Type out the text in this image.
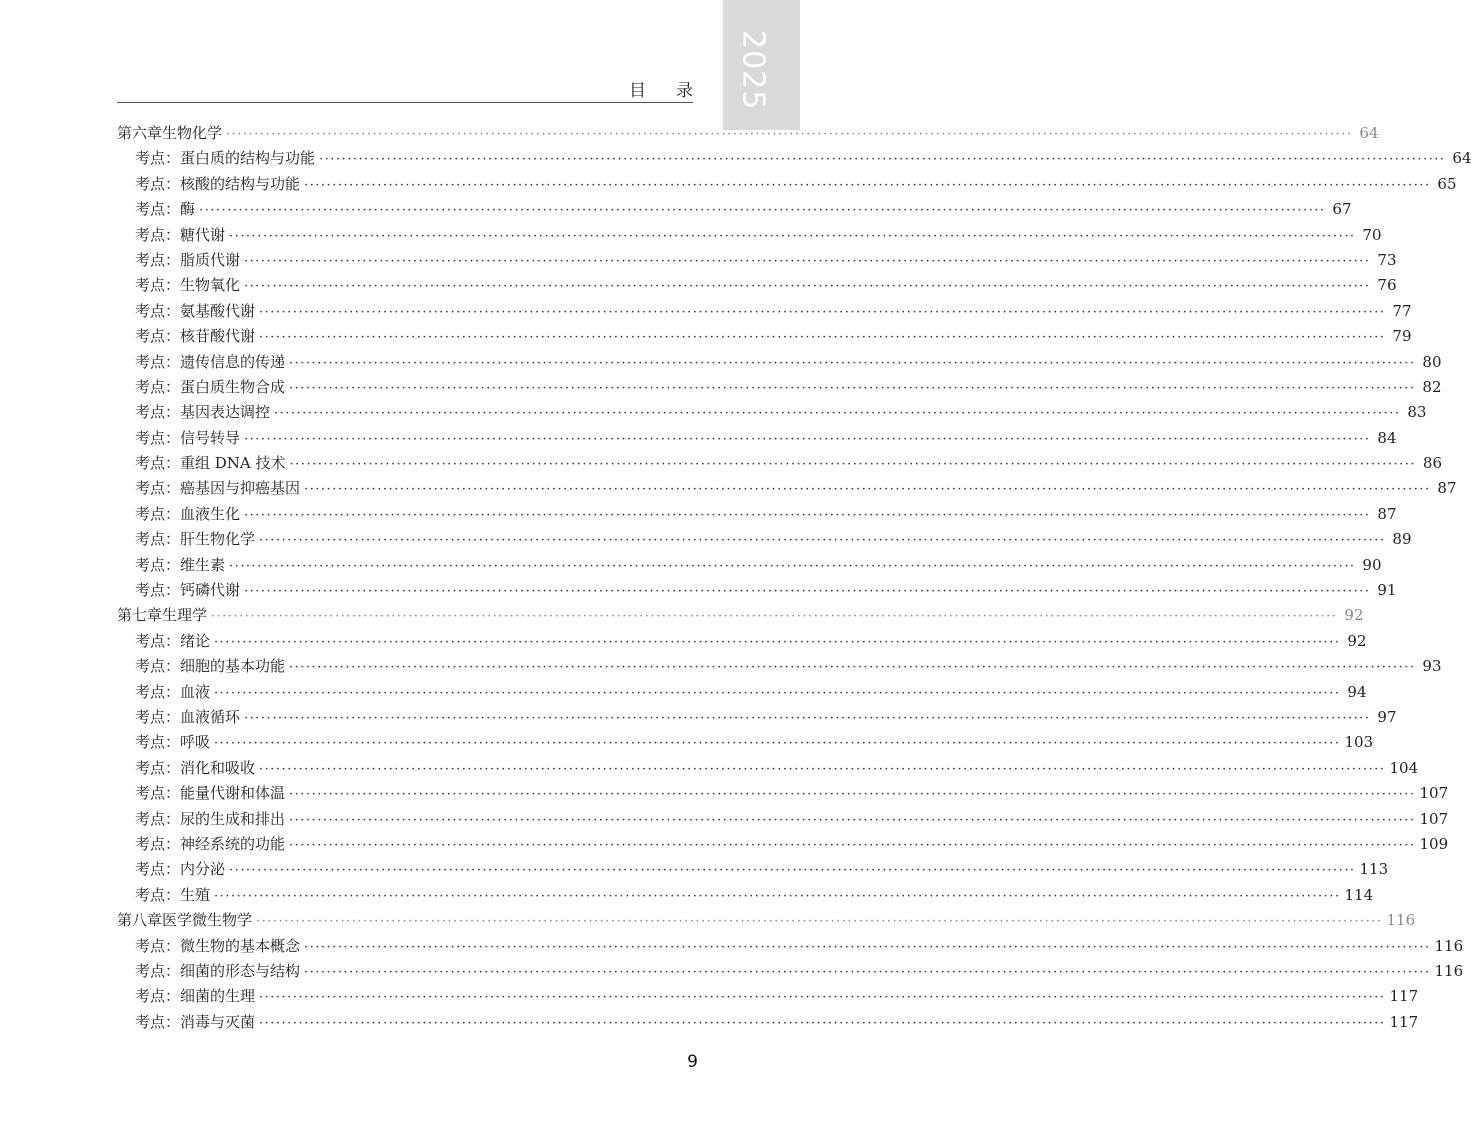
2025
目录
第六章 生物化学 ········································································································································································································ 64
考点： 蛋白质的结构与功能 ········································································································································································································ 64
考点： 核酸的结构与功能 ········································································································································································································ 65
考点： 酶 ········································································································································································································ 67
考点： 糖代谢 ········································································································································································································ 70
考点： 脂质代谢 ········································································································································································································ 73
考点： 生物氧化 ········································································································································································································ 76
考点： 氨基酸代谢 ········································································································································································································ 77
考点： 核苷酸代谢 ········································································································································································································ 79
考点： 遗传信息的传递 ········································································································································································································ 80
考点： 蛋白质生物合成 ········································································································································································································ 82
考点： 基因表达调控 ········································································································································································································ 83
考点： 信号转导 ········································································································································································································ 84
考点： 重组 DNA 技术 ········································································································································································································ 86
考点： 癌基因与抑癌基因 ········································································································································································································ 87
考点： 血液生化 ········································································································································································································ 87
考点： 肝生物化学 ········································································································································································································ 89
考点： 维生素 ········································································································································································································ 90
考点： 钙磷代谢 ········································································································································································································ 91
第七章 生理学 ········································································································································································································ 92
考点： 绪论 ········································································································································································································ 92
考点： 细胞的基本功能 ········································································································································································································ 93
考点： 血液 ········································································································································································································ 94
考点： 血液循环 ········································································································································································································ 97
考点： 呼吸 ········································································································································································································ 103
考点： 消化和吸收 ········································································································································································································ 104
考点： 能量代谢和体温 ········································································································································································································ 107
考点： 尿的生成和排出 ········································································································································································································ 107
考点： 神经系统的功能 ········································································································································································································ 109
考点： 内分泌 ········································································································································································································ 113
考点： 生殖 ········································································································································································································ 114
第八章 医学微生物学 ········································································································································································································ 116
考点： 微生物的基本概念 ········································································································································································································ 116
考点： 细菌的形态与结构 ········································································································································································································ 116
考点： 细菌的生理 ········································································································································································································ 117
考点： 消毒与灭菌 ········································································································································································································ 117
9
